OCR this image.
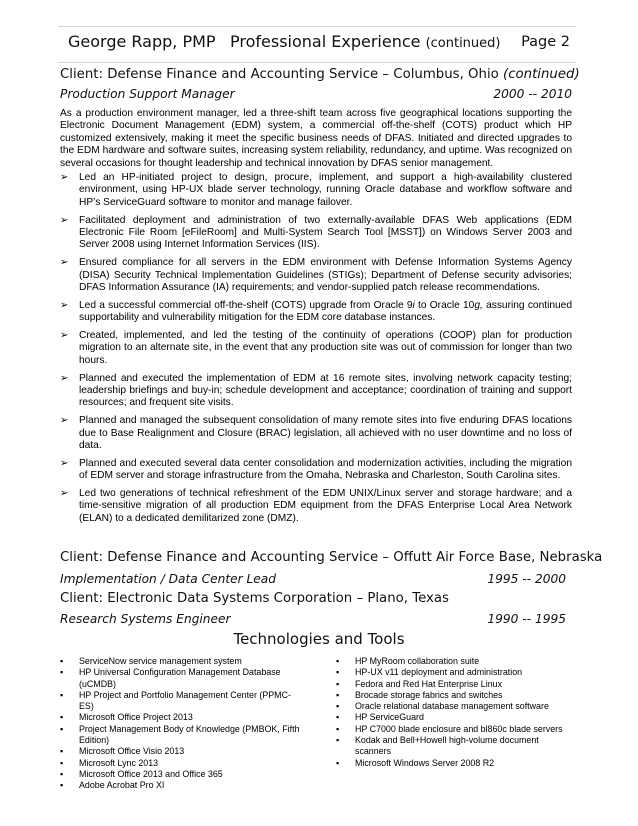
George Rapp, PMP Professional Experience (continued) Page 2
Client: Defense Finance and Accounting Service – Columbus, Ohio (continued)
Production Support Manager	2000 -- 2010
As a production environment manager, led a three-shift team across five geographical locations supporting the Electronic Document Management (EDM) system, a commercial off-the-shelf (COTS) product which HP customized extensively, making it meet the specific business needs of DFAS. Initiated and directed upgrades to the EDM hardware and software suites, increasing system reliability, redundancy, and uptime. Was recognized on several occasions for thought leadership and technical innovation by DFAS senior management.
➢ Led an HP-initiated project to design, procure, implement, and support a high-availability clustered environment, using HP-UX blade server technology, running Oracle database and workflow software and HP’s ServiceGuard software to monitor and manage failover.
➢ Facilitated deployment and administration of two externally-available DFAS Web applications (EDM Electronic File Room [eFileRoom] and Multi-System Search Tool [MSST]) on Windows Server 2003 and Server 2008 using Internet Information Services (IIS).
➢ Ensured compliance for all servers in the EDM environment with Defense Information Systems Agency (DISA) Security Technical Implementation Guidelines (STIGs); Department of Defense security advisories; DFAS Information Assurance (IA) requirements; and vendor-supplied patch release recommendations.
➢ Led a successful commercial off-the-shelf (COTS) upgrade from Oracle 9i to Oracle 10g, assuring continued supportability and vulnerability mitigation for the EDM core database instances.
➢ Created, implemented, and led the testing of the continuity of operations (COOP) plan for production migration to an alternate site, in the event that any production site was out of commission for longer than two hours.
➢ Planned and executed the implementation of EDM at 16 remote sites, involving network capacity testing; leadership briefings and buy-in; schedule development and acceptance; coordination of training and support resources; and frequent site visits.
➢ Planned and managed the subsequent consolidation of many remote sites into five enduring DFAS locations due to Base Realignment and Closure (BRAC) legislation, all achieved with no user downtime and no loss of data.
➢ Planned and executed several data center consolidation and modernization activities, including the migration of EDM server and storage infrastructure from the Omaha, Nebraska and Charleston, South Carolina sites.
➢ Led two generations of technical refreshment of the EDM UNIX/Linux server and storage hardware; and a time-sensitive migration of all production EDM equipment from the DFAS Enterprise Local Area Network (ELAN) to a dedicated demilitarized zone (DMZ).
Client: Defense Finance and Accounting Service – Offutt Air Force Base, Nebraska
Implementation / Data Center Lead	1995 -- 2000
Client: Electronic Data Systems Corporation – Plano, Texas
Research Systems Engineer	1990 -- 1995
Technologies and Tools
▪ ServiceNow service management system
▪ HP Universal Configuration Management Database (uCMDB)
▪ HP Project and Portfolio Management Center (PPMC-ES)
▪ Microsoft Office Project 2013
▪ Project Management Body of Knowledge (PMBOK, Fifth Edition)
▪ Microsoft Office Visio 2013
▪ Microsoft Lync 2013
▪ Microsoft Office 2013 and Office 365
▪ Adobe Acrobat Pro XI
▪ HP MyRoom collaboration suite
▪ HP-UX v11 deployment and administration
▪ Fedora and Red Hat Enterprise Linux
▪ Brocade storage fabrics and switches
▪ Oracle relational database management software
▪ HP ServiceGuard
▪ HP C7000 blade enclosure and bl860c blade servers
▪ Kodak and Bell+Howell high-volume document scanners
▪ Microsoft Windows Server 2008 R2
